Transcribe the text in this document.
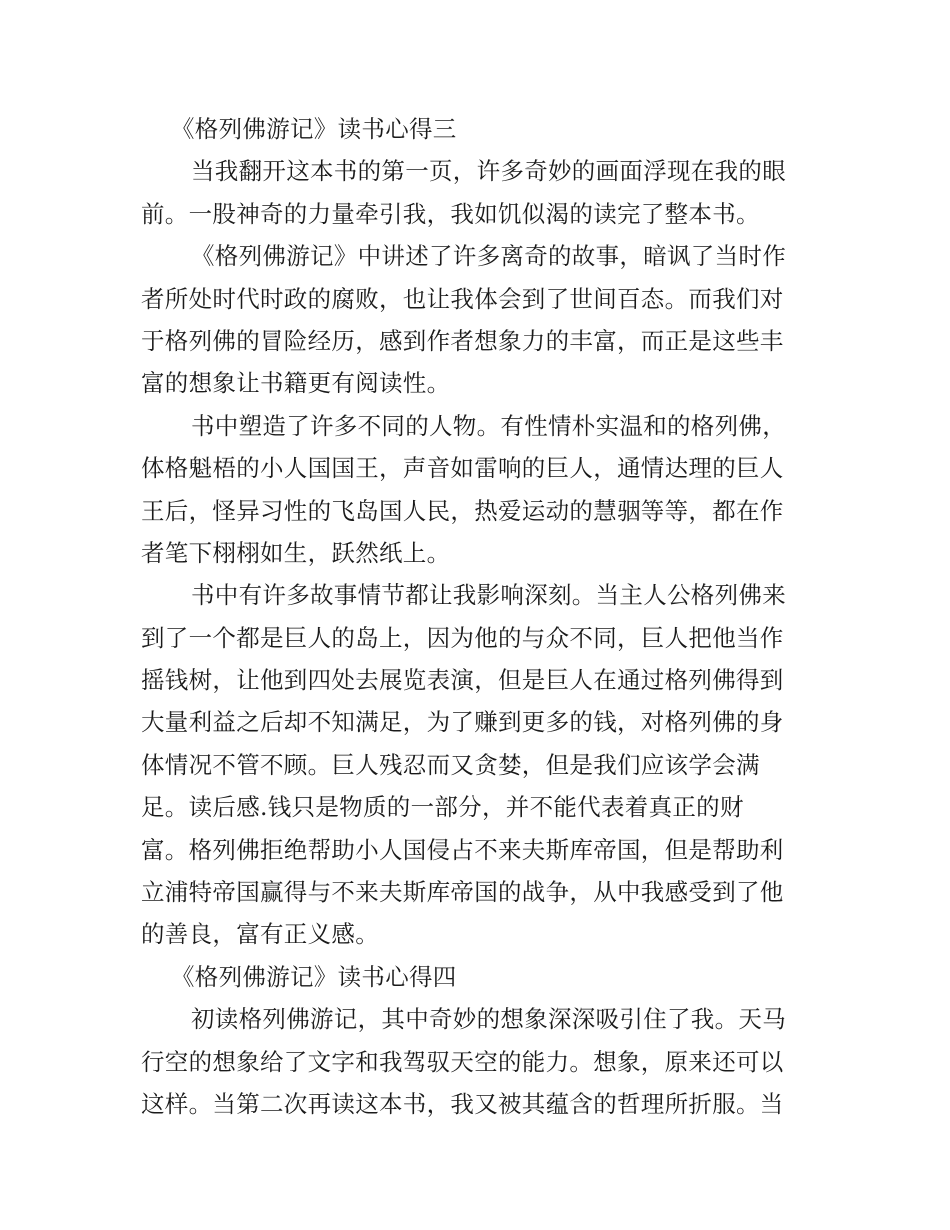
《格列佛游记》读书心得三
当我翻开这本书的第一页，许多奇妙的画面浮现在我的眼
前。一股神奇的力量牵引我，我如饥似渴的读完了整本书。
《格列佛游记》中讲述了许多离奇的故事，暗讽了当时作
者所处时代时政的腐败，也让我体会到了世间百态。而我们对
于格列佛的冒险经历，感到作者想象力的丰富，而正是这些丰
富的想象让书籍更有阅读性。
书中塑造了许多不同的人物。有性情朴实温和的格列佛，
体格魁梧的小人国国王，声音如雷响的巨人，通情达理的巨人
王后，怪异习性的飞岛国人民，热爱运动的慧骃等等，都在作
者笔下栩栩如生，跃然纸上。
书中有许多故事情节都让我影响深刻。当主人公格列佛来
到了一个都是巨人的岛上，因为他的与众不同，巨人把他当作
摇钱树，让他到四处去展览表演，但是巨人在通过格列佛得到
大量利益之后却不知满足，为了赚到更多的钱，对格列佛的身
体情况不管不顾。巨人残忍而又贪婪，但是我们应该学会满
足。读后感.钱只是物质的一部分，并不能代表着真正的财
富。格列佛拒绝帮助小人国侵占不来夫斯库帝国，但是帮助利
立浦特帝国赢得与不来夫斯库帝国的战争，从中我感受到了他
的善良，富有正义感。
《格列佛游记》读书心得四
初读格列佛游记，其中奇妙的想象深深吸引住了我。天马
行空的想象给了文字和我驾驭天空的能力。想象，原来还可以
这样。当第二次再读这本书，我又被其蕴含的哲理所折服。当
